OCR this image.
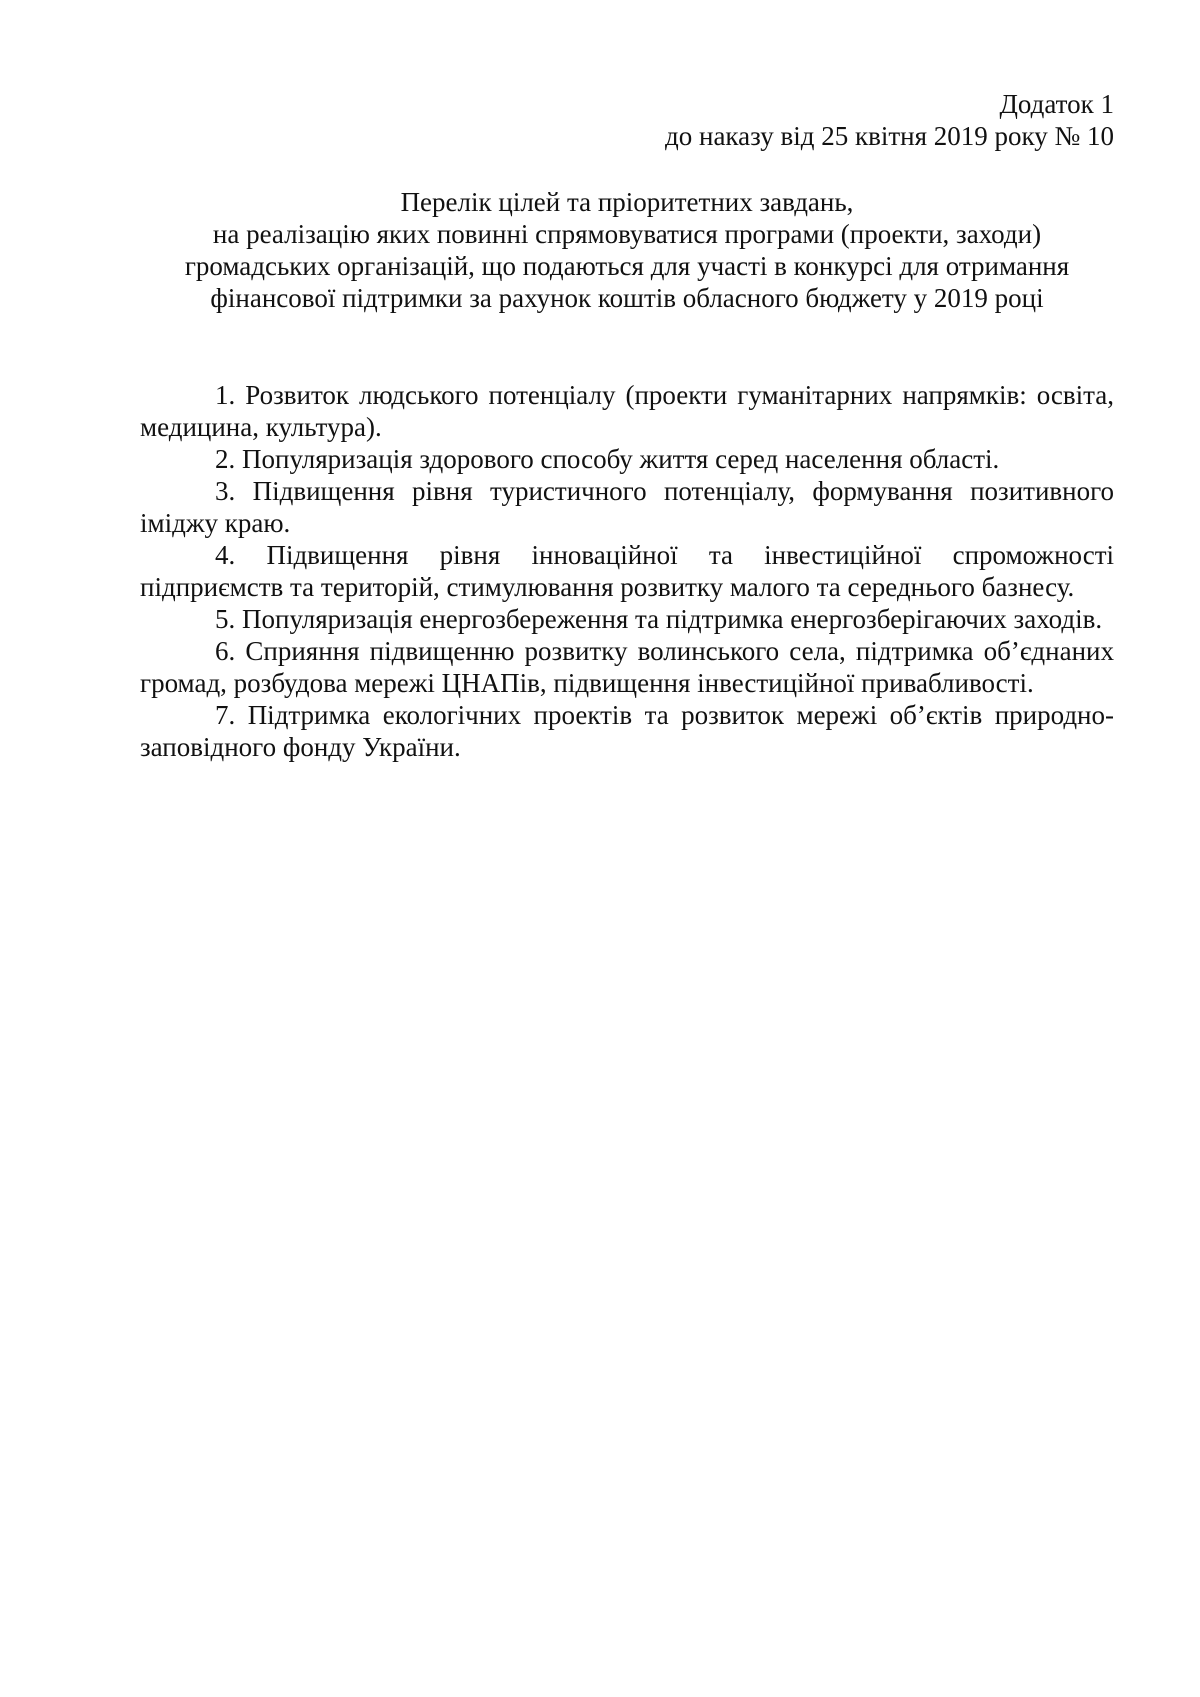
Додаток 1
до наказу від 25 квітня 2019 року № 10
Перелік цілей та пріоритетних завдань,
на реалізацію яких повинні спрямовуватися програми (проекти, заходи)
громадських організацій, що подаються для участі в конкурсі для отримання
фінансової підтримки за рахунок коштів обласного бюджету у 2019 році

1. Розвиток людського потенціалу (проекти гуманітарних напрямків: освіта, медицина, культура).

2. Популяризація здорового способу життя серед населення області.

3. Підвищення рівня туристичного потенціалу, формування позитивного іміджу краю.

4. Підвищення рівня інноваційної та інвестиційної спроможності підприємств та територій, стимулювання розвитку малого та середнього базнесу.

5. Популяризація енергозбереження та підтримка енергозберігаючих заходів.

6. Сприяння підвищенню розвитку волинського села, підтримка об’єднаних громад, розбудова мережі ЦНАПів, підвищення інвестиційної привабливості.

7. Підтримка екологічних проектів та розвиток мережі об’єктів природно-заповідного фонду України.
